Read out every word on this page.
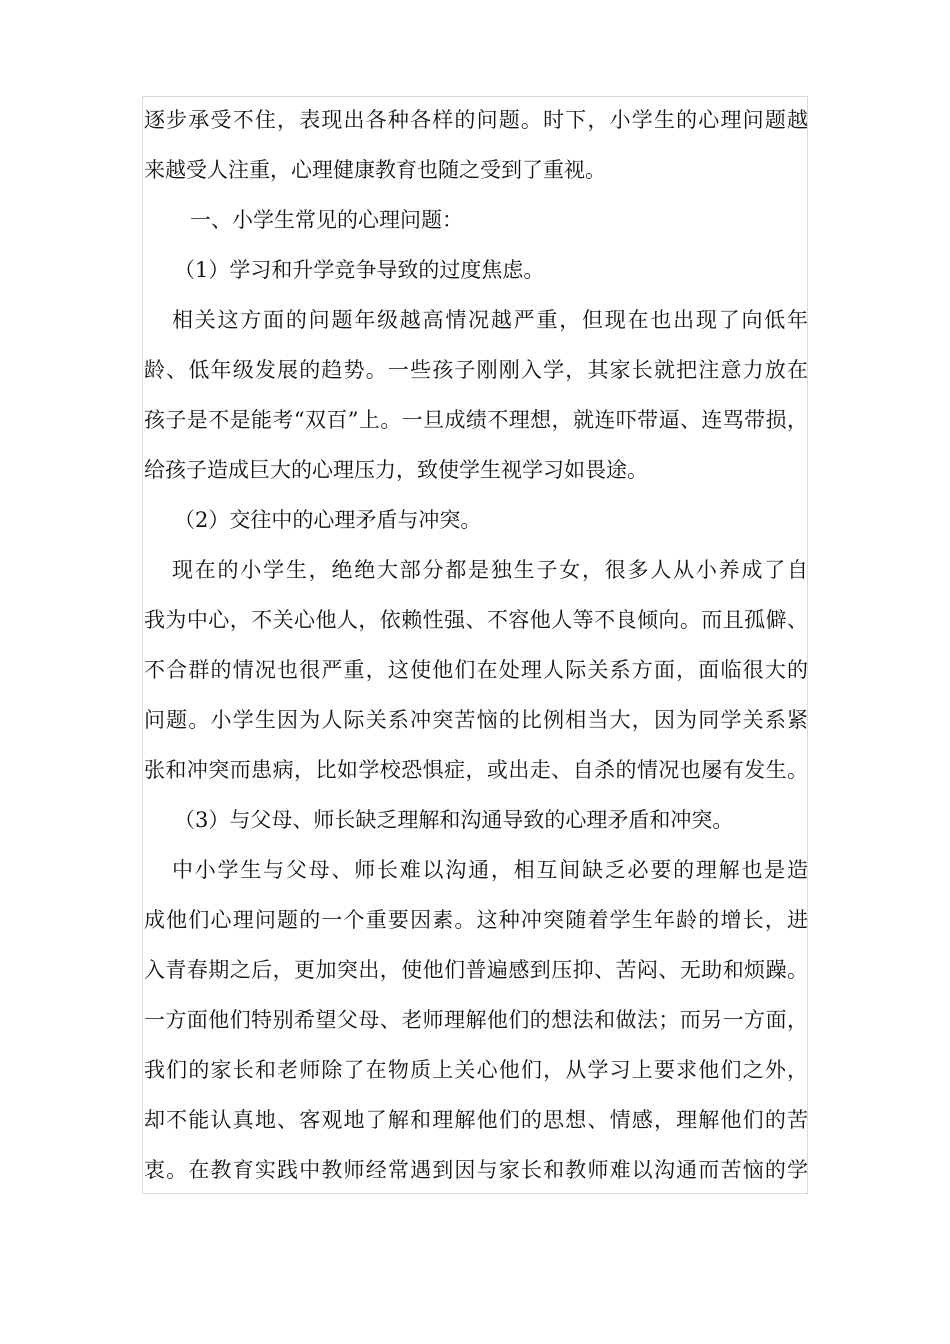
逐步承受不住，表现出各种各样的问题。时下，小学生的心理问题越
来越受人注重，心理健康教育也随之受到了重视。
一、小学生常见的心理问题：
（1）学习和升学竞争导致的过度焦虑。
相关这方面的问题年级越高情况越严重，但现在也出现了向低年
龄、低年级发展的趋势。一些孩子刚刚入学，其家长就把注意力放在
孩子是不是能考“双百”上。一旦成绩不理想，就连吓带逼、连骂带损，
给孩子造成巨大的心理压力，致使学生视学习如畏途。
（2）交往中的心理矛盾与冲突。
现在的小学生，绝绝大部分都是独生子女，很多人从小养成了自
我为中心，不关心他人，依赖性强、不容他人等不良倾向。而且孤僻、
不合群的情况也很严重，这使他们在处理人际关系方面，面临很大的
问题。小学生因为人际关系冲突苦恼的比例相当大，因为同学关系紧
张和冲突而患病，比如学校恐惧症，或出走、自杀的情况也屡有发生。
（3）与父母、师长缺乏理解和沟通导致的心理矛盾和冲突。
中小学生与父母、师长难以沟通，相互间缺乏必要的理解也是造
成他们心理问题的一个重要因素。这种冲突随着学生年龄的增长，进
入青春期之后，更加突出，使他们普遍感到压抑、苦闷、无助和烦躁。
一方面他们特别希望父母、老师理解他们的想法和做法；而另一方面，
我们的家长和老师除了在物质上关心他们，从学习上要求他们之外，
却不能认真地、客观地了解和理解他们的思想、情感，理解他们的苦
衷。在教育实践中教师经常遇到因与家长和教师难以沟通而苦恼的学
